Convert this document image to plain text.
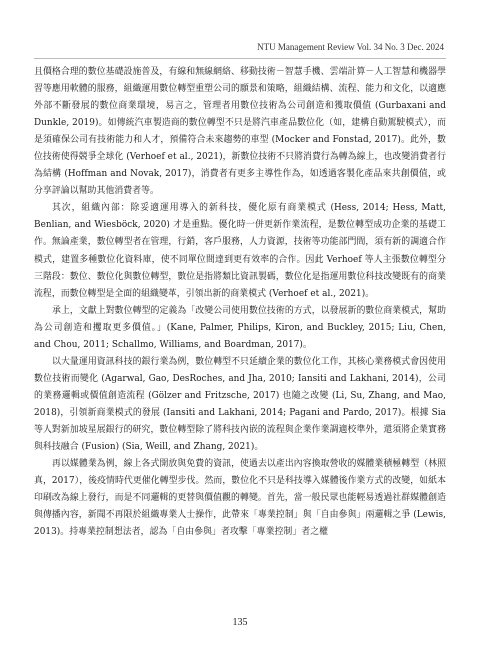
NTU Management Review Vol. 34 No. 3 Dec. 2024

且價格合理的數位基礎設施普及，有線和無線網絡、移動技術－智慧手機、雲端計算－人工智慧和機器學習等應用軟體的服務，組織運用數位轉型重塑公司的願景和策略，組織結構、流程、能力和文化，以適應外部不斷發展的數位商業環境，易言之，管理者用數位技術為公司創造和獲取價值 (Gurbaxani and Dunkle, 2019)。如傳統汽車製造商的數位轉型不只是將汽車產品數位化（如，建構自動駕駛模式），而是須確保公司有技術能力和人才，預備符合未來趨勢的車型 (Mocker and Fonstad, 2017)。此外，數位技術使得競爭全球化 (Verhoef et al., 2021)，新數位技術不只將消費行為轉為線上，也改變消費者行為結構 (Hoffman and Novak, 2017)，消費者有更多主導性作為，如透過客製化產品來共創價值，或分享評論以幫助其他消費者等。

其次，組織內部：除妥適運用導入的新科技，優化原有商業模式 (Hess, 2014; Hess, Matt, Benlian, and Wiesböck, 2020) 才是重點。優化時一併更新作業流程，是數位轉型成功企業的基礎工作。無論產業，數位轉型者在管理，行銷，客戶服務，人力資源，技術等功能部門間，須有新的調適合作模式，建置多種數位化資料庫，使不同單位間達到更有效率的合作。因此 Verhoef 等人主張數位轉型分三階段：數位、數位化與數位轉型，數位是指將類比資訊製碼，數位化是指運用數位科技改變既有的商業流程，而數位轉型是全面的組織變革，引領出新的商業模式 (Verhoef et al., 2021)。

承上，文獻上對數位轉型的定義為「改變公司使用數位技術的方式，以發展新的數位商業模式，幫助為公司創造和攫取更多價值。」(Kane, Palmer, Philips, Kiron, and Buckley, 2015; Liu, Chen, and Chou, 2011; Schallmo, Williams, and Boardman, 2017)。

以大量運用資訊科技的銀行業為例，數位轉型不只延續企業的數位化工作，其核心業務模式會因使用數位技術而變化 (Agarwal, Gao, DesRoches, and Jha, 2010; Iansiti and Lakhani, 2014)，公司的業務邏輯或價值創造流程 (Gölzer and Fritzsche, 2017) 也隨之改變 (Li, Su, Zhang, and Mao, 2018)，引領新商業模式的發展 (Iansiti and Lakhani, 2014; Pagani and Pardo, 2017)。根據 Sia 等人對新加坡星展銀行的研究，數位轉型除了將科技內嵌的流程與企業作業調適校準外，還須將企業實務與科技融合 (Fusion) (Sia, Weill, and Zhang, 2021)。

再以媒體業為例，線上各式開放與免費的資訊，使過去以產出內容換取營收的媒體業積極轉型（林照真，2017），後疫情時代更催化轉型步伐。然而，數位化不只是科技導入媒體後作業方式的改變，如紙本印刷改為線上發行，而是不同邏輯的更替與價值觀的轉變。首先，當一般民眾也能輕易透過社群媒體創造與傳播內容，新聞不再限於組織專業人士操作，此帶來「專業控制」與「自由參與」兩邏輯之爭 (Lewis, 2013)。持專業控制想法者，認為「自由參與」者攻擊「專業控制」者之權

135
